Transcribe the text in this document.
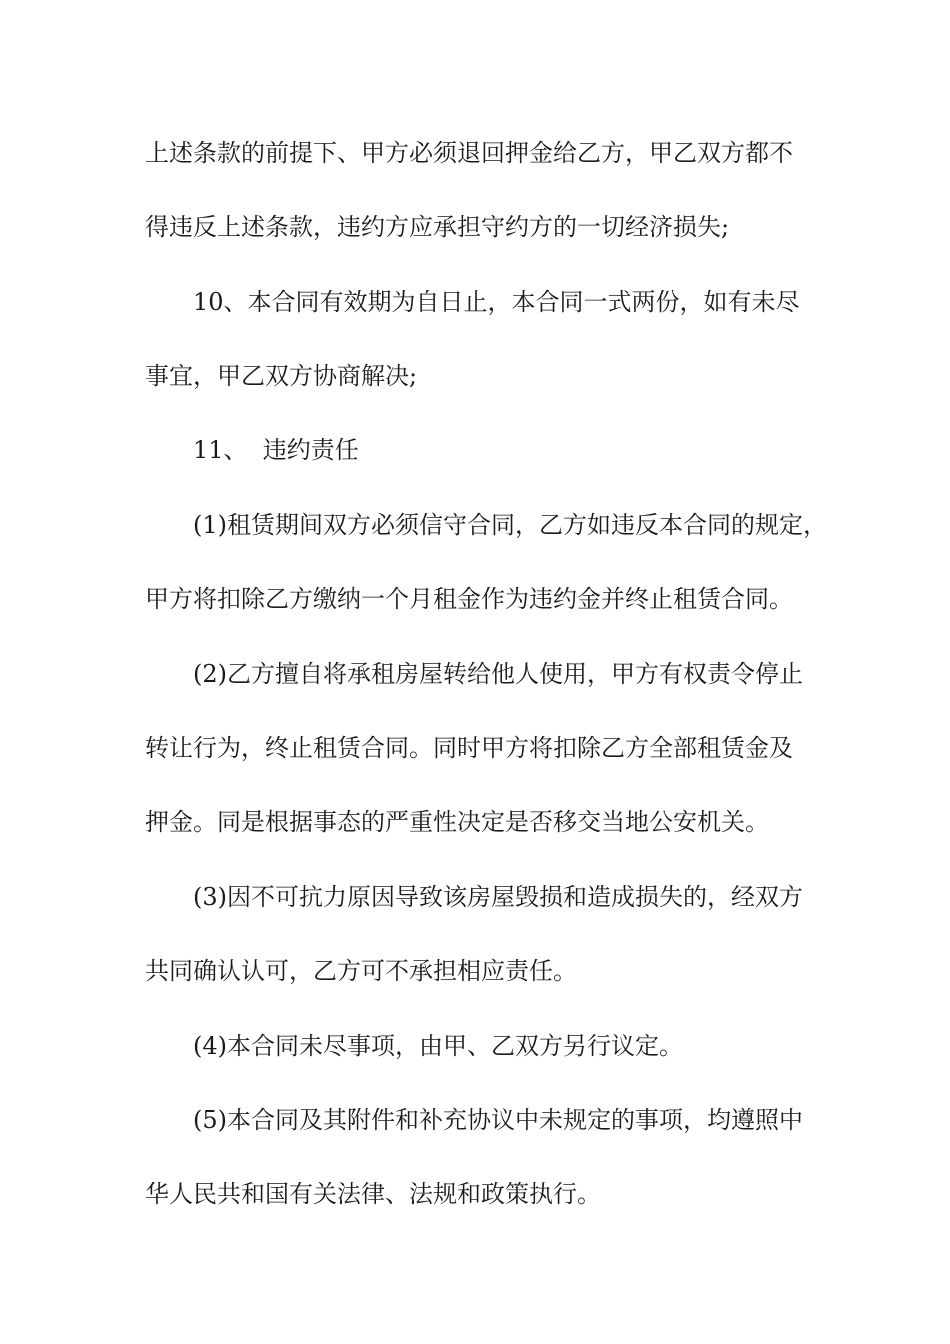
上述条款的前提下、甲方必须退回押金给乙方，甲乙双方都不
得违反上述条款，违约方应承担守约方的一切经济损失;
10、本合同有效期为自日止，本合同一式两份，如有未尽
事宜，甲乙双方协商解决;
11、  违约责任
(1)租赁期间双方必须信守合同，乙方如违反本合同的规定，
甲方将扣除乙方缴纳一个月租金作为违约金并终止租赁合同。
(2)乙方擅自将承租房屋转给他人使用，甲方有权责令停止
转让行为，终止租赁合同。同时甲方将扣除乙方全部租赁金及
押金。同是根据事态的严重性决定是否移交当地公安机关。
(3)因不可抗力原因导致该房屋毁损和造成损失的，经双方
共同确认认可，乙方可不承担相应责任。
(4)本合同未尽事项，由甲、乙双方另行议定。
(5)本合同及其附件和补充协议中未规定的事项，均遵照中
华人民共和国有关法律、法规和政策执行。
